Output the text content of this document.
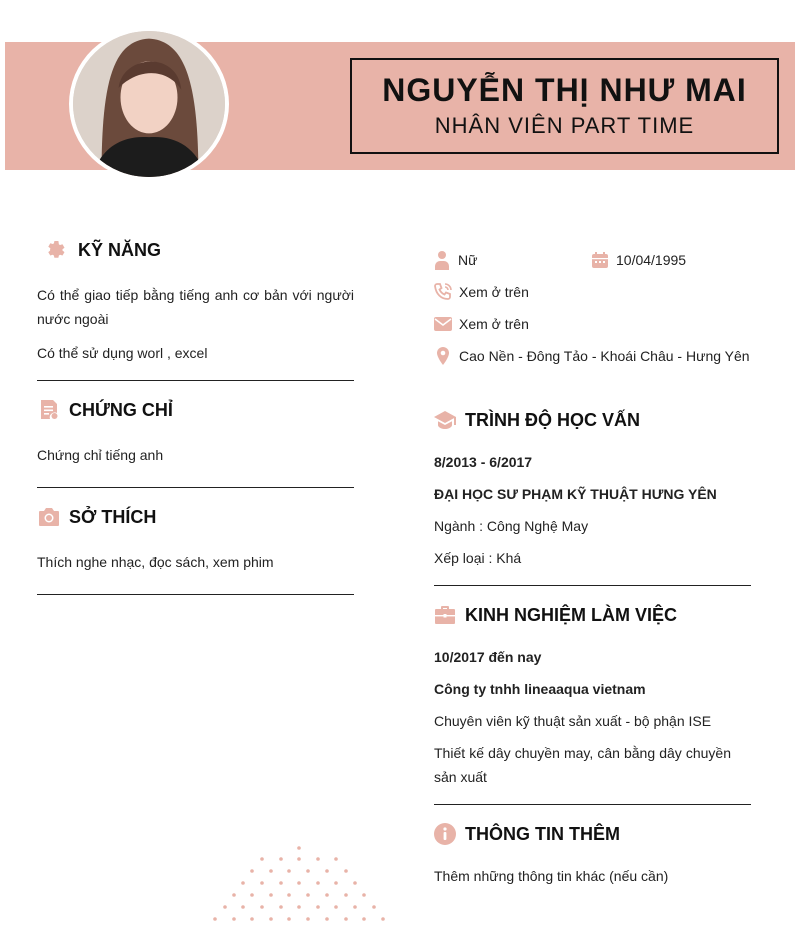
NGUYỄN THỊ NHƯ MAI
NHÂN VIÊN PART TIME
KỸ NĂNG
Có thể giao tiếp bằng tiếng anh cơ bản với người nước ngoài
Có thể sử dụng worl , excel
CHỨNG CHỈ
Chứng chỉ tiếng anh
SỞ THÍCH
Thích nghe nhạc, đọc sách, xem phim
Nữ	10/04/1995
Xem ở trên
Xem ở trên
Cao Nền - Đông Tảo - Khoái Châu - Hưng Yên
TRÌNH ĐỘ HỌC VẤN
8/2013 - 6/2017
ĐẠI HỌC SƯ PHẠM KỸ THUẬT HƯNG YÊN
Ngành : Công Nghệ May
Xếp loại : Khá
KINH NGHIỆM LÀM VIỆC
10/2017 đến nay
Công ty tnhh lineaaqua vietnam
Chuyên viên kỹ thuật sản xuất - bộ phận ISE
Thiết kế dây chuyền may, cân bằng dây chuyền sản xuất
THÔNG TIN THÊM
Thêm những thông tin khác (nếu cần)
